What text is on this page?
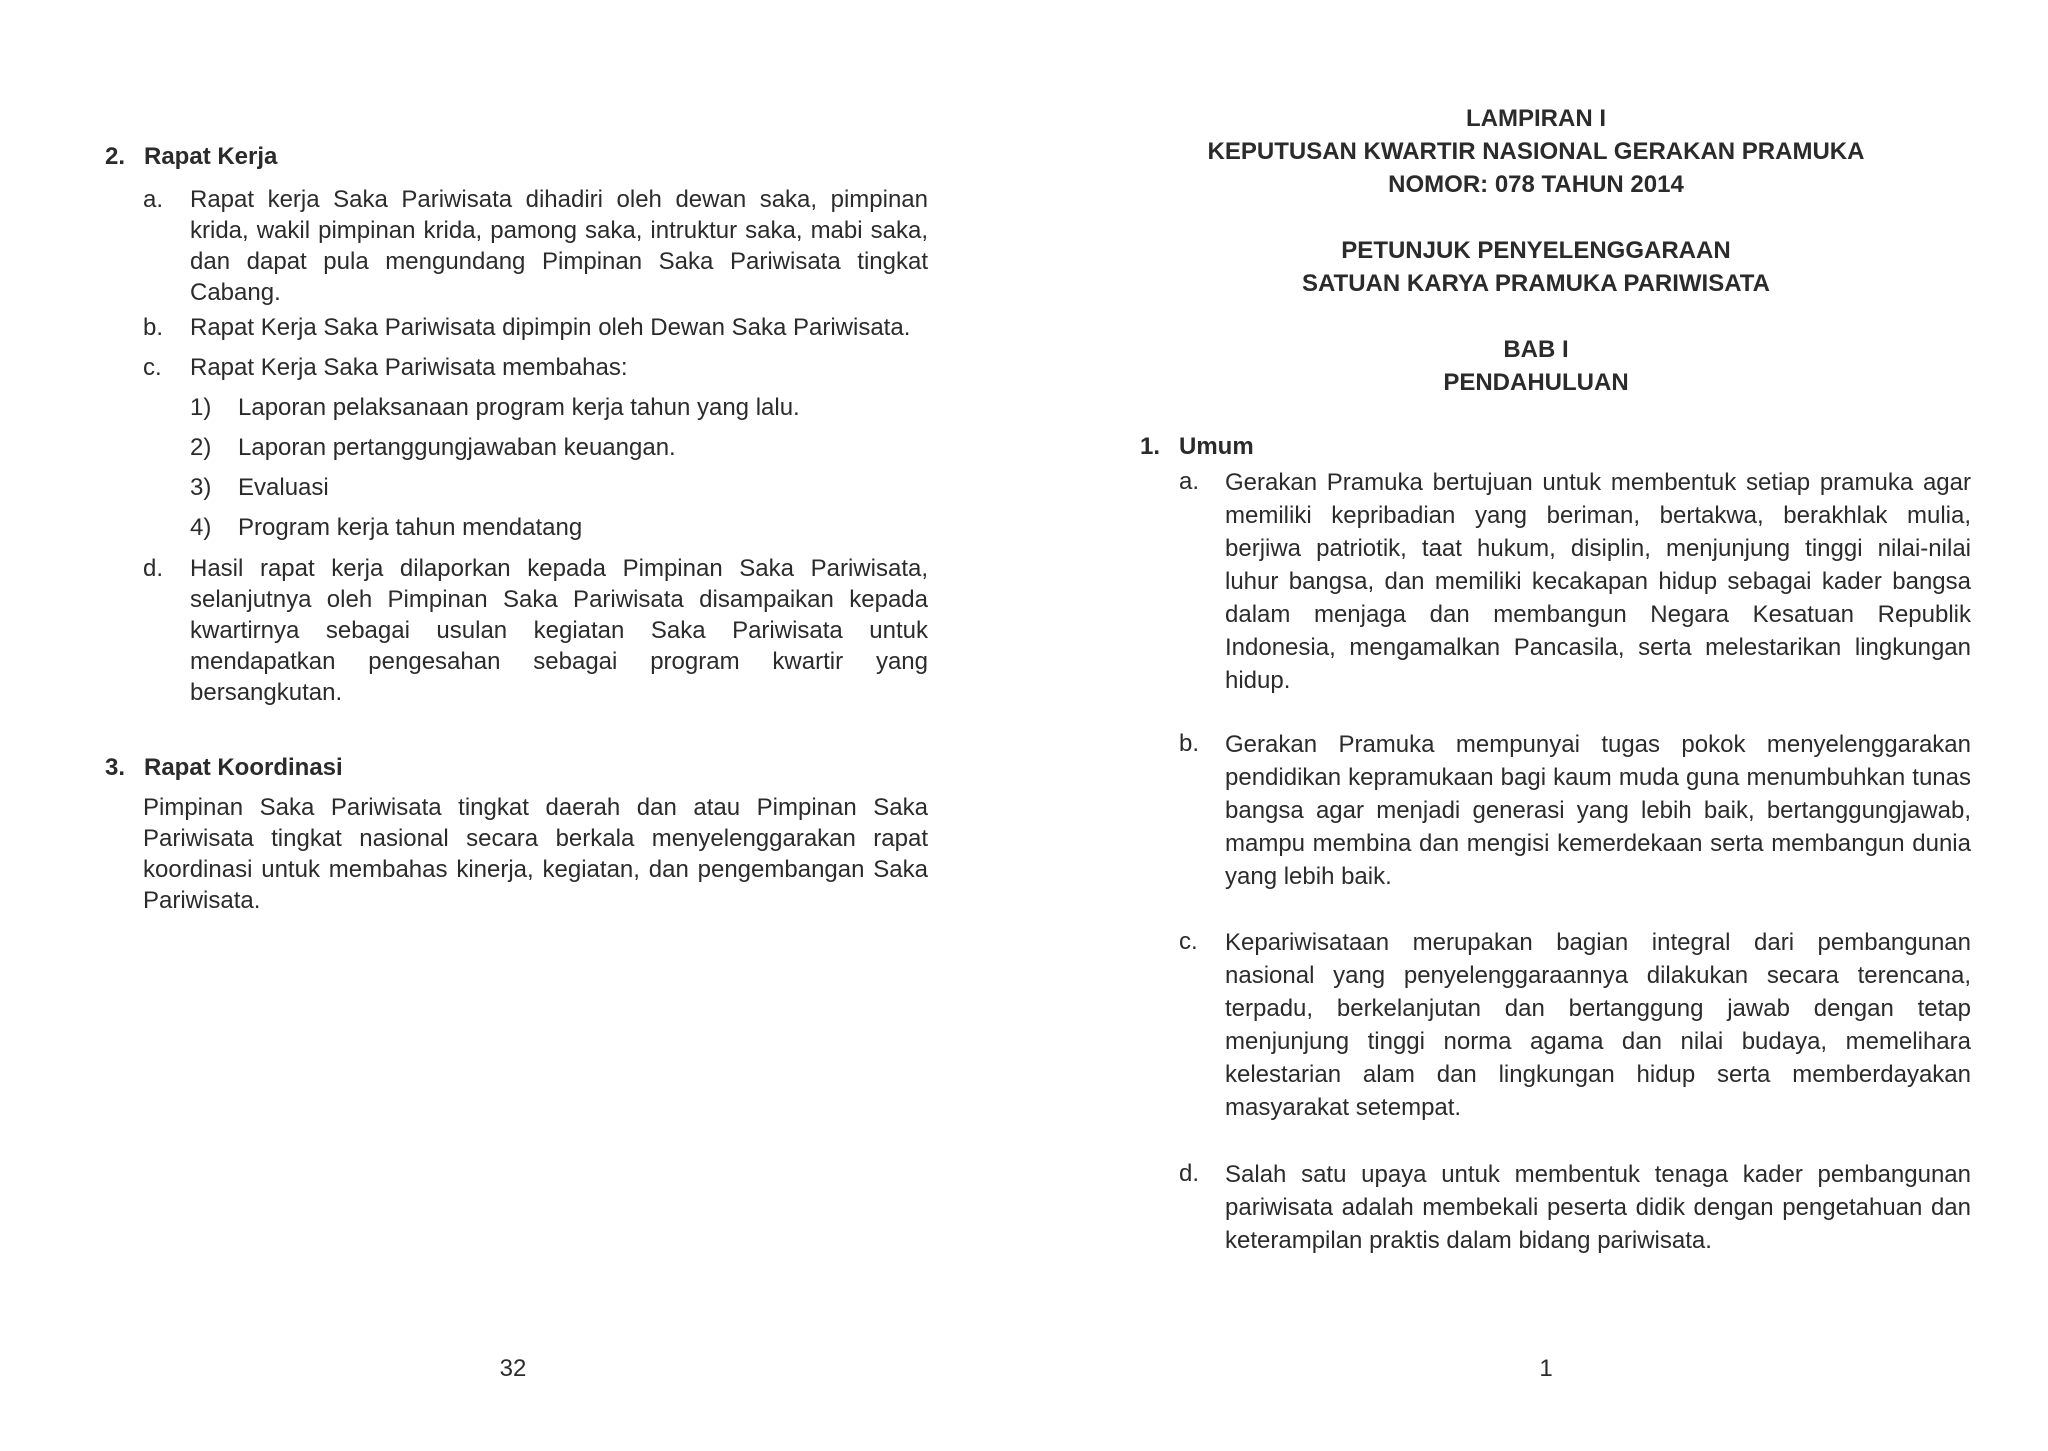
2. Rapat Kerja
a. Rapat kerja Saka Pariwisata dihadiri oleh dewan saka, pimpinan krida, wakil pimpinan krida, pamong saka, intruktur saka, mabi saka, dan dapat pula mengundang Pimpinan Saka Pariwisata tingkat Cabang.
b. Rapat Kerja Saka Pariwisata dipimpin oleh Dewan Saka Pariwisata.
c. Rapat Kerja Saka Pariwisata membahas:
1) Laporan pelaksanaan program kerja tahun yang lalu.
2) Laporan pertanggungjawaban keuangan.
3) Evaluasi
4) Program kerja tahun mendatang
d. Hasil rapat kerja dilaporkan kepada Pimpinan Saka Pariwisata, selanjutnya oleh Pimpinan Saka Pariwisata disampaikan kepada kwartirnya sebagai usulan kegiatan Saka Pariwisata untuk mendapatkan pengesahan sebagai program kwartir yang bersangkutan.
3. Rapat Koordinasi
Pimpinan Saka Pariwisata tingkat daerah dan atau Pimpinan Saka Pariwisata tingkat nasional secara berkala menyelenggarakan rapat koordinasi untuk membahas kinerja, kegiatan, dan pengembangan Saka Pariwisata.
32
LAMPIRAN I
KEPUTUSAN KWARTIR NASIONAL GERAKAN PRAMUKA
NOMOR: 078 TAHUN 2014
PETUNJUK PENYELENGGARAAN
SATUAN KARYA PRAMUKA PARIWISATA
BAB I
PENDAHULUAN
1. Umum
a. Gerakan Pramuka bertujuan untuk membentuk setiap pramuka agar memiliki kepribadian yang beriman, bertakwa, berakhlak mulia, berjiwa patriotik, taat hukum, disiplin, menjunjung tinggi nilai-nilai luhur bangsa, dan memiliki kecakapan hidup sebagai kader bangsa dalam menjaga dan membangun Negara Kesatuan Republik Indonesia, mengamalkan Pancasila, serta melestarikan lingkungan hidup.
b. Gerakan Pramuka mempunyai tugas pokok menyelenggarakan pendidikan kepramukaan bagi kaum muda guna menumbuhkan tunas bangsa agar menjadi generasi yang lebih baik, bertanggungjawab, mampu membina dan mengisi kemerdekaan serta membangun dunia yang lebih baik.
c. Kepariwisataan merupakan bagian integral dari pembangunan nasional yang penyelenggaraannya dilakukan secara terencana, terpadu, berkelanjutan dan bertanggung jawab dengan tetap menjunjung tinggi norma agama dan nilai budaya, memelihara kelestarian alam dan lingkungan hidup serta memberdayakan masyarakat setempat.
d. Salah satu upaya untuk membentuk tenaga kader pembangunan pariwisata adalah membekali peserta didik dengan pengetahuan dan keterampilan praktis dalam bidang pariwisata.
1
